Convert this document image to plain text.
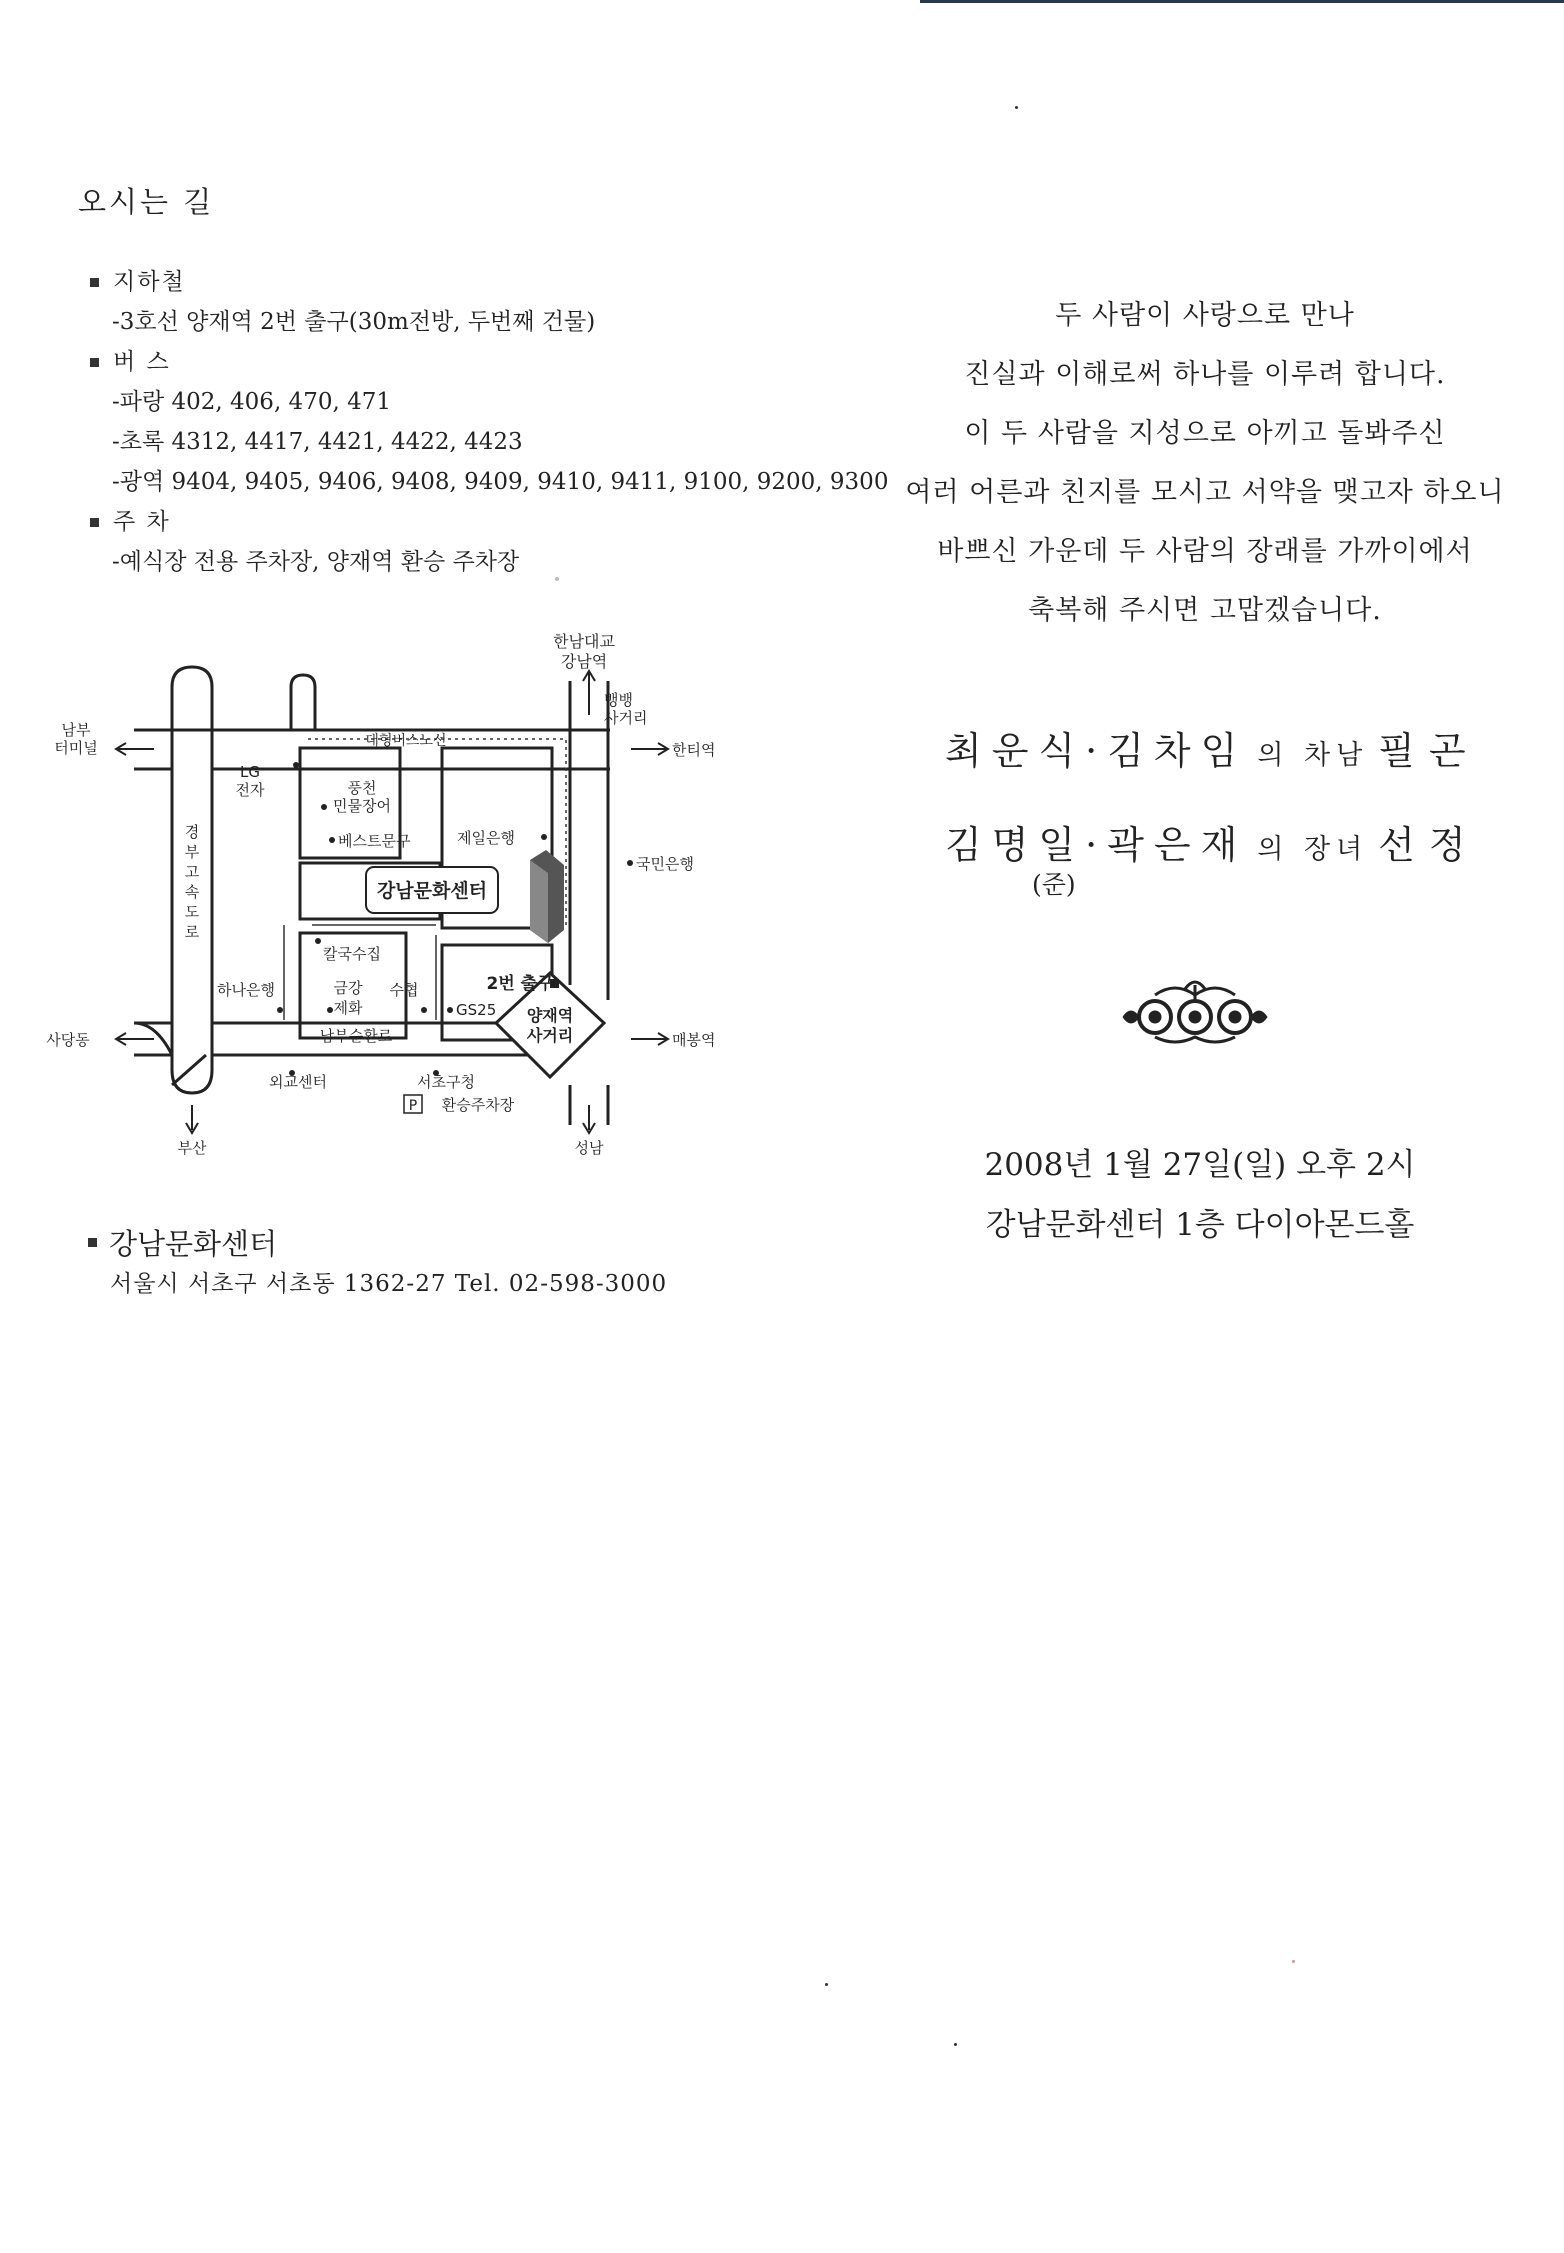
오시는 길
지하철
-3호선 양재역 2번 출구(30m전방, 두번째 건물)
버 스
-파랑 402, 406, 470, 471
-초록 4312, 4417, 4421, 4422, 4423
-광역 9404, 9405, 9406, 9408, 9409, 9410, 9411, 9100, 9200, 9300
주 차
-예식장 전용 주차장, 양재역 환승 주차장
한남대교
강남역
뱅뱅
사거리
남부
터미널	한티역
대형버스노선
LG
전자	풍천
민물장어
베스트문구	제일은행
국민은행
강남문화센터
경
부
고
속
도
로
칼국수집
하나은행	금강
제화
수협	2번 출구
GS25
사당동	남부순환로
양재역
사거리	매봉역
외교센터	서초구청
P 환승주차장
부산	성남
강남문화센터
서울시 서초구 서초동 1362-27 Tel. 02-598-3000
두 사람이 사랑으로 만나
진실과 이해로써 하나를 이루려 합니다.
이 두 사람을 지성으로 아끼고 돌봐주신
여러 어른과 친지를 모시고 서약을 맺고자 하오니
바쁘신 가운데 두 사람의 장래를 가까이에서
축복해 주시면 고맙겠습니다.
최운식·김차임 의 차남 필곤
김명일·곽은재 의 장녀 선정
(준)
2008년 1월 27일(일) 오후 2시
강남문화센터 1층 다이아몬드홀
